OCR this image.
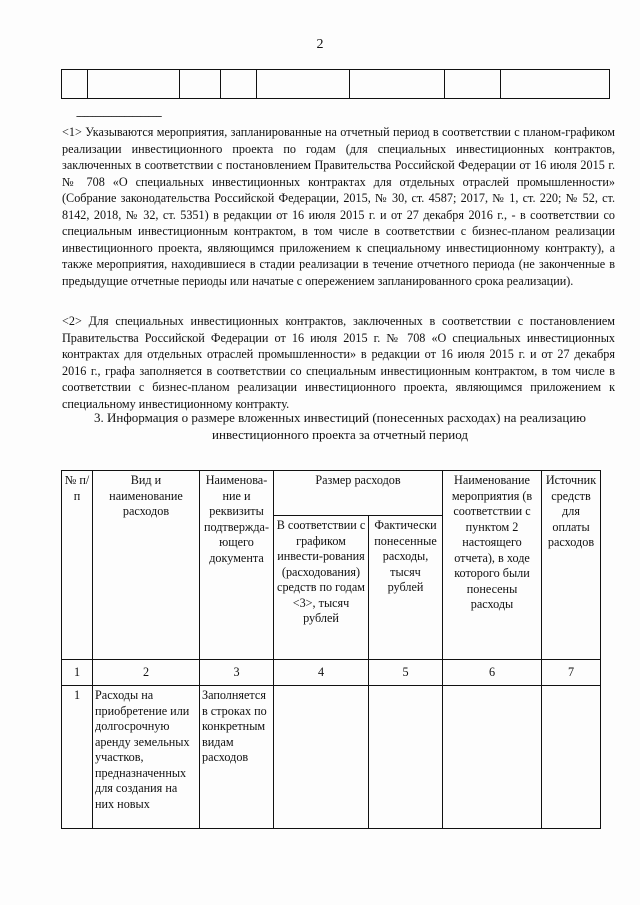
2

--------------------------------

<1> Указываются мероприятия, запланированные на отчетный период в соответствии с планом-графиком реализации инвестиционного проекта по годам (для специальных инвестиционных контрактов, заключенных в соответствии с постановлением Правительства Российской Федерации от 16 июля 2015 г. № 708 «О специальных инвестиционных контрактах для отдельных отраслей промышленности» (Собрание законодательства Российской Федерации, 2015, № 30, ст. 4587; 2017, № 1, ст. 220; № 52, ст. 8142, 2018, № 32, ст. 5351) в редакции от 16 июля 2015 г. и от 27 декабря 2016 г., - в соответствии со специальным инвестиционным контрактом, в том числе в соответствии с бизнес-планом реализации инвестиционного проекта, являющимся приложением к специальному инвестиционному контракту), а также мероприятия, находившиеся в стадии реализации в течение отчетного периода (не законченные в предыдущие отчетные периоды или начатые с опережением запланированного срока реализации).

<2> Для специальных инвестиционных контрактов, заключенных в соответствии с постановлением Правительства Российской Федерации от 16 июля 2015 г. № 708 «О специальных инвестиционных контрактах для отдельных отраслей промышленности» в редакции от 16 июля 2015 г. и от 27 декабря 2016 г., графа заполняется в соответствии со специальным инвестиционным контрактом, в том числе в соответствии с бизнес-планом реализации инвестиционного проекта, являющимся приложением к специальному инвестиционному контракту.

3. Информация о размере вложенных инвестиций (понесенных расходах) на реализацию инвестиционного проекта за отчетный период

№ п/п	Вид и наименование расходов	Наименова-ние и реквизиты подтвержда-ющего документа	Размер расходов		Наименование мероприятия (в соответствии с пунктом 2 настоящего отчета), в ходе которого были понесены расходы	Источник средств для оплаты расходов
			В соответствии с графиком инвести-рования (расходования) средств по годам <3>, тысяч рублей	Фактически понесенные расходы, тысяч рублей		
1	2	3	4	5	6	7
1	Расходы на приобретение или долгосрочную аренду земельных участков, предназначенных для создания на них новых	Заполняется в строках по конкретным видам расходов				
